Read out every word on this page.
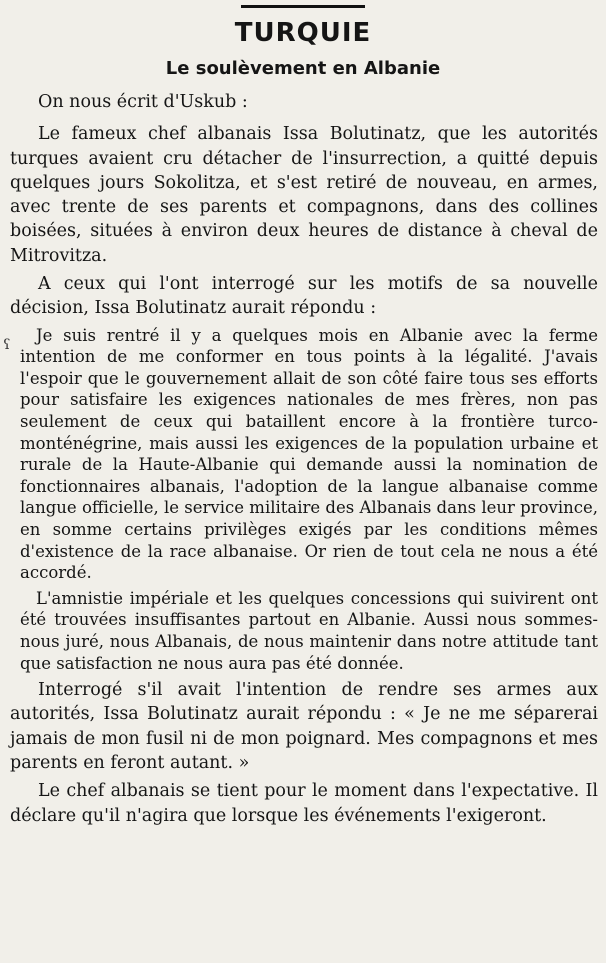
TURQUIE
Le soulèvement en Albanie
ʕ

On nous écrit d'Uskub :

Le fameux chef albanais Issa Bolutinatz, que les autorités turques avaient cru détacher de l'insurrection, a quitté depuis quelques jours Sokolitza, et s'est retiré de nouveau, en armes, avec trente de ses parents et compagnons, dans des collines boisées, situées à environ deux heures de distance à cheval de Mitrovitza.

A ceux qui l'ont interrogé sur les motifs de sa nouvelle décision, Issa Bolutinatz aurait répondu :

Je suis rentré il y a quelques mois en Albanie avec la ferme intention de me conformer en tous points à la légalité. J'avais l'espoir que le gouvernement allait de son côté faire tous ses efforts pour satisfaire les exigences nationales de mes frères, non pas seulement de ceux qui bataillent encore à la frontière turco-monténégrine, mais aussi les exigences de la population urbaine et rurale de la Haute-Albanie qui demande aussi la nomination de fonctionnaires albanais, l'adoption de la langue albanaise comme langue officielle, le service militaire des Albanais dans leur province, en somme certains privilèges exigés par les conditions mêmes d'existence de la race albanaise. Or rien de tout cela ne nous a été accordé.

L'amnistie impériale et les quelques concessions qui suivirent ont été trouvées insuffisantes partout en Albanie. Aussi nous sommes-nous juré, nous Albanais, de nous maintenir dans notre attitude tant que satisfaction ne nous aura pas été donnée.

Interrogé s'il avait l'intention de rendre ses armes aux autorités, Issa Bolutinatz aurait répondu : « Je ne me séparerai jamais de mon fusil ni de mon poignard. Mes compagnons et mes parents en feront autant. »

Le chef albanais se tient pour le moment dans l'expectative. Il déclare qu'il n'agira que lorsque les événements l'exigeront.
